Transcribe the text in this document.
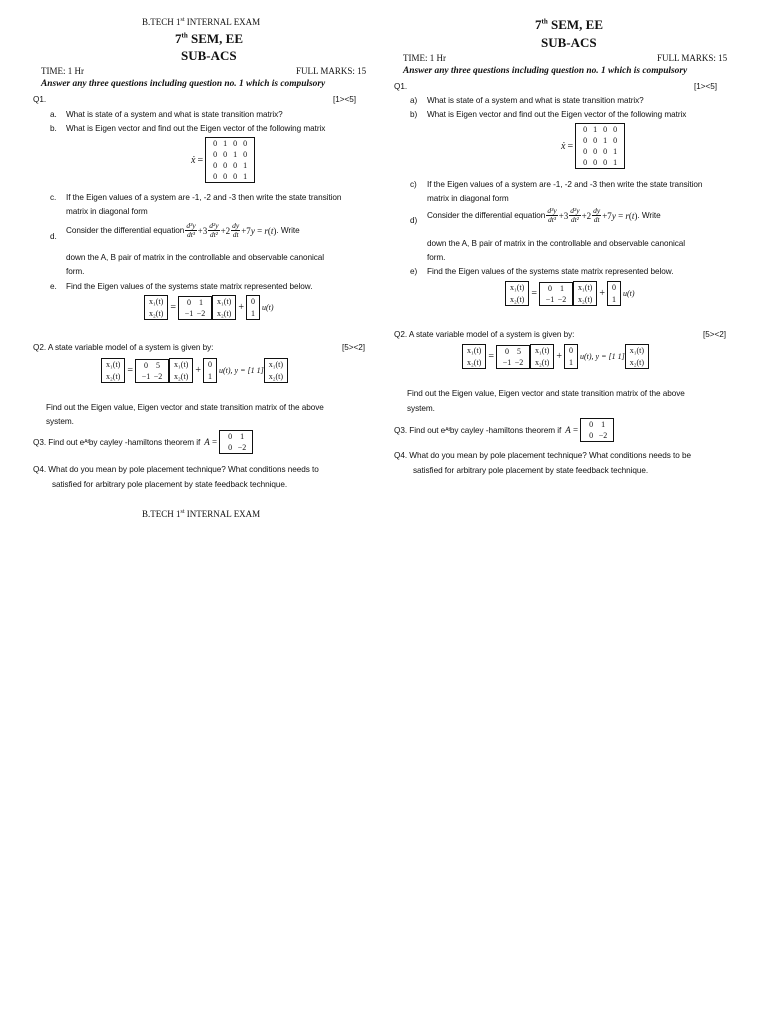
B.TECH 1st INTERNAL EXAM
7th SEM, EE
SUB-ACS
TIME: 1 Hr	FULL MARKS: 15
Answer any three questions including question no. 1 which is compulsory
Q1.	[1><5]
a. What is state of a system and what is state transition matrix?
b. What is Eigen vector and find out the Eigen vector of the following matrix
ẋ =
0 1 0 0
0 0 1 0
0 0 0 1
0 0 0 1
c. If the Eigen values of a system are -1, -2 and -3 then write the state transition
matrix in diagonal form
d.
Consider the differential equation $\frac{\text{d³y}}{\text{dt³}} +3 \frac{\text{d²y}}{\text{dt²}} +2 \frac{dy}{dt} +7$ y = r ( t ) . Write
down the A, B pair of matrix in the controllable and observable canonical
form.
e. Find the Eigen values of the systems state matrix represented below.
x₁(t)
x₂(t)
=	0	1
−1 −2
x₁(t)
x₂(t)
+
0
1
u(t)
Q2. A state variable model of a system is given by:	[5><2]
x₁(t)
x₂(t)
=	0	5
−1 −2
x₁(t)
x₂(t)
+
0
1
u(t), y = [1 1]
x₁(t)
x₂(t)
Find out the Eigen value, Eigen vector and state transition matrix of the above
system.
Q3. Find out e At by cayley -hamiltons theorem if A =
0	1
0 −2
Q4. What do you mean by pole placement technique? What conditions needs to
satisfied for arbitrary pole placement by state feedback technique.
B.TECH 1st INTERNAL EXAM
7th SEM, EE
SUB-ACS
TIME: 1 Hr	FULL MARKS: 15
Answer any three questions including question no. 1 which is compulsory
Q1.	[1><5]
a) What is state of a system and what is state transition matrix?
b) What is Eigen vector and find out the Eigen vector of the following matrix
ẋ =
0 1 0 0
0 0 1 0
0 0 0 1
0 0 0 1
c) If the Eigen values of a system are -1, -2 and -3 then write the state transition
matrix in diagonal form
d)
Consider the differential equation $\frac{\text{d³y}}{\text{dt³}} +3 \frac{\text{d²y}}{\text{dt²}} +2 \frac{dy}{dt} +7$ y = r ( t ) . Write
down the A, B pair of matrix in the controllable and observable canonical
form.
e) Find the Eigen values of the systems state matrix represented below.
x₁(t)
x₂(t)
=	0	1
−1 −2
x₁(t)
x₂(t)
+
0
1
u(t)
Q2. A state variable model of a system is given by:	[5><2]
x₁(t)
x₂(t)
=	0	5
−1 −2
x₁(t)
x₂(t)
+
0
1
u(t), y = [1 1]
x₁(t)
x₂(t)
Find out the Eigen value, Eigen vector and state transition matrix of the above
system.
Q3. Find out e At by cayley -hamiltons theorem if A =
0	1
0 −2
Q4. What do you mean by pole placement technique? What conditions needs to be
satisfied for arbitrary pole placement by state feedback technique.
